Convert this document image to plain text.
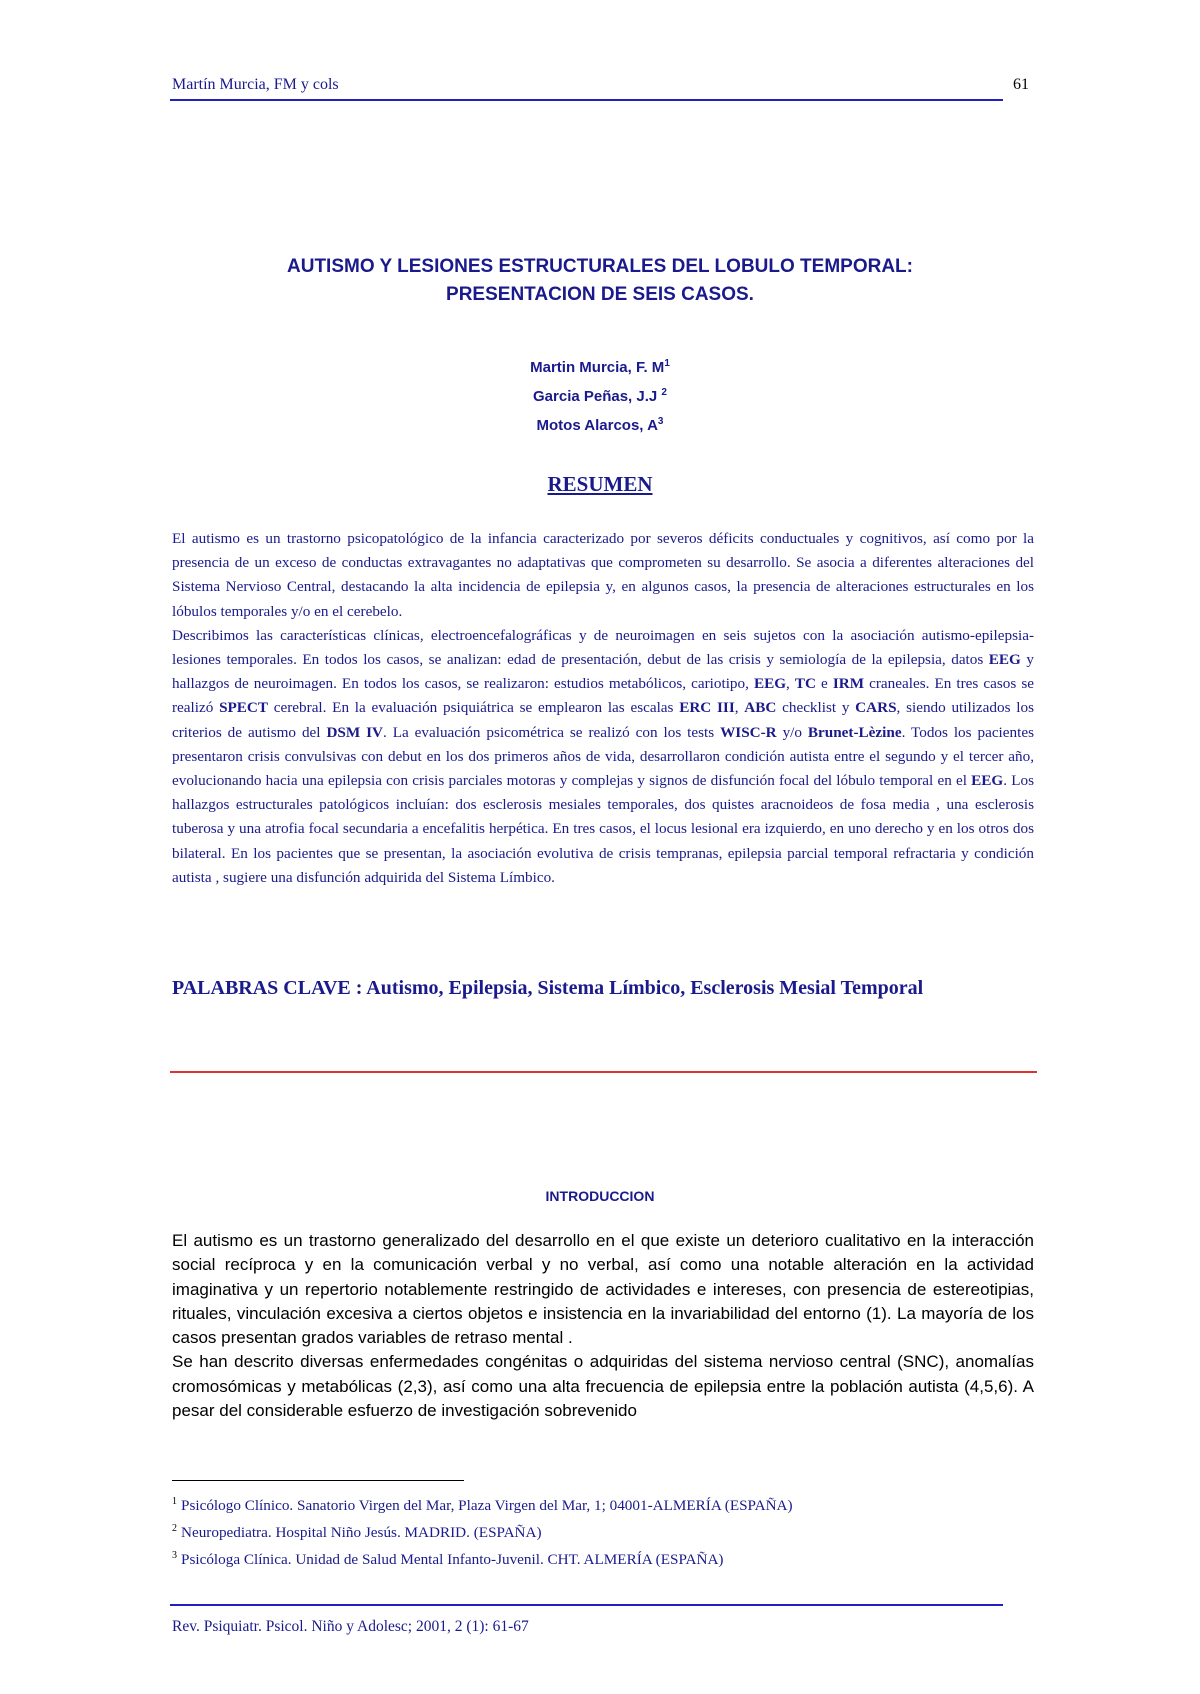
Martín Murcia, FM y cols	61
AUTISMO Y LESIONES ESTRUCTURALES DEL LOBULO TEMPORAL:
PRESENTACION DE SEIS CASOS.
Martin Murcia, F. $M^1$
Garcia Peñas, J.J $^2$
Motos Alarcos, $A^3$
RESUMEN

El autismo es un trastorno psicopatológico de la infancia caracterizado por severos déficits conductuales y cognitivos, así como por la presencia de un exceso de conductas extravagantes no adaptativas que comprometen su desarrollo. Se asocia a diferentes alteraciones del Sistema Nervioso Central, destacando la alta incidencia de epilepsia y, en algunos casos, la presencia de alteraciones estructurales en los lóbulos temporales y/o en el cerebelo.

Describimos las características clínicas, electroencefalográficas y de neuroimagen en seis sujetos con la asociación autismo-epilepsia-lesiones temporales. En todos los casos, se analizan: edad de presentación, debut de las crisis y semiología de la epilepsia, datos EEG y hallazgos de neuroimagen. En todos los casos, se realizaron: estudios metabólicos, cariotipo, EEG, TC e IRM craneales. En tres casos se realizó SPECT cerebral. En la evaluación psiquiátrica se emplearon las escalas ERC III, ABC checklist y CARS, siendo utilizados los criterios de autismo del DSM IV. La evaluación psicométrica se realizó con los tests WISC-R y/o Brunet-Lèzine. Todos los pacientes presentaron crisis convulsivas con debut en los dos primeros años de vida, desarrollaron condición autista entre el segundo y el tercer año, evolucionando hacia una epilepsia con crisis parciales motoras y complejas y signos de disfunción focal del lóbulo temporal en el EEG. Los hallazgos estructurales patológicos incluían: dos esclerosis mesiales temporales, dos quistes aracnoideos de fosa media , una esclerosis tuberosa y una atrofia focal secundaria a encefalitis herpética. En tres casos, el locus lesional era izquierdo, en uno derecho y en los otros dos bilateral. En los pacientes que se presentan, la asociación evolutiva de crisis tempranas, epilepsia parcial temporal refractaria y condición autista , sugiere una disfunción adquirida del Sistema Límbico.

PALABRAS CLAVE : Autismo, Epilepsia, Sistema Límbico, Esclerosis Mesial Temporal
INTRODUCCION

El autismo es un trastorno generalizado del desarrollo en el que existe un deterioro cualitativo en la interacción social recíproca y en la comunicación verbal y no verbal, así como una notable alteración en la actividad imaginativa y un repertorio notablemente restringido de actividades e intereses, con presencia de estereotipias, rituales, vinculación excesiva a ciertos objetos e insistencia en la invariabilidad del entorno (1). La mayoría de los casos presentan grados variables de retraso mental .

Se han descrito diversas enfermedades congénitas o adquiridas del sistema nervioso central (SNC), anomalías cromosómicas y metabólicas (2,3), así como una alta frecuencia de epilepsia entre la población autista (4,5,6). A pesar del considerable esfuerzo de investigación sobrevenido

$^1$ Psicólogo Clínico. Sanatorio Virgen del Mar, Plaza Virgen del Mar, 1; 04001-ALMERÍA (ESPAÑA)
$^2$ Neuropediatra. Hospital Niño Jesús. MADRID. (ESPAÑA)
$^3$ Psicóloga Clínica. Unidad de Salud Mental Infanto-Juvenil. CHT. ALMERÍA (ESPAÑA)
Rev. Psiquiatr. Psicol. Niño y Adolesc; 2001, 2 (1): 61-67
